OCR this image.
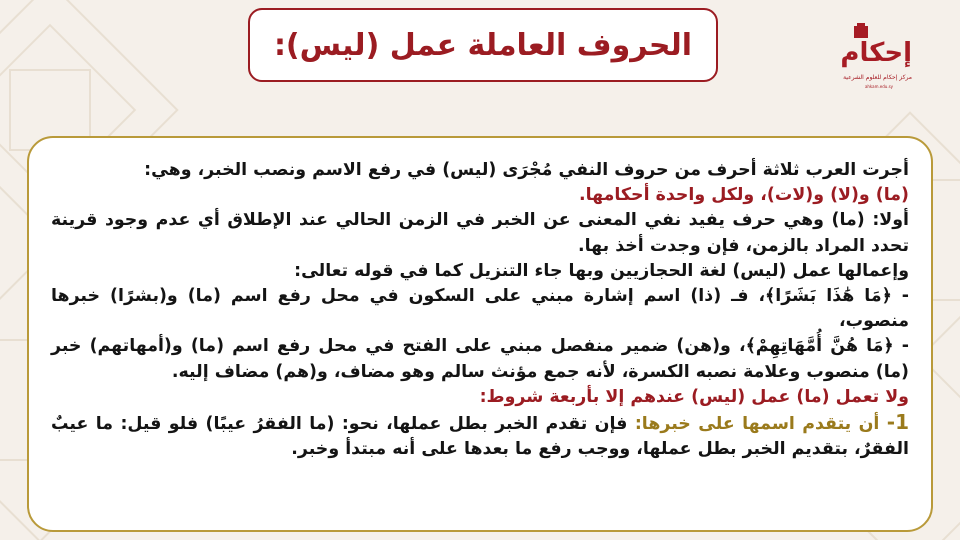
الحروف العاملة عمل (ليس):	إحكام
مركز إحكام للعلوم الشرعية
ahkam.edu.sy
أجرت العرب ثلاثة أحرف من حروف النفي مُجْرَى (ليس) في رفع الاسم ونصب الخبر، وهي:
(ما) و(لا) و(لات)، ولكل واحدة أحكامها.
أولا: (ما) وهي حرف يفيد نفي المعنى عن الخبر في الزمن الحالي عند الإطلاق أي عدم وجود قرينة تحدد المراد بالزمن، فإن وجدت أخذ بها.
وإعمالها عمل (ليس) لغة الحجازيين وبها جاء التنزيل كما في قوله تعالى:
- ﴿مَا هَٰذَا بَشَرًا﴾، فـ (ذا) اسم إشارة مبني على السكون في محل رفع اسم (ما) و(بشرًا) خبرها منصوب،
- ﴿مَا هُنَّ أُمَّهَاتِهِمْ﴾، و(هن) ضمير منفصل مبني على الفتح في محل رفع اسم (ما) و(أمهاتهم) خبر (ما) منصوب وعلامة نصبه الكسرة، لأنه جمع مؤنث سالم وهو مضاف، و(هم) مضاف إليه.
ولا تعمل (ما) عمل (ليس) عندهم إلا بأربعة شروط:
1- أن يتقدم اسمها على خبرها: فإن تقدم الخبر بطل عملها، نحو: (ما الفقرُ عيبًا) فلو قيل: ما عيبٌ الفقرٌ، بتقديم الخبر بطل عملها، ووجب رفع ما بعدها على أنه مبتدأ وخبر.
